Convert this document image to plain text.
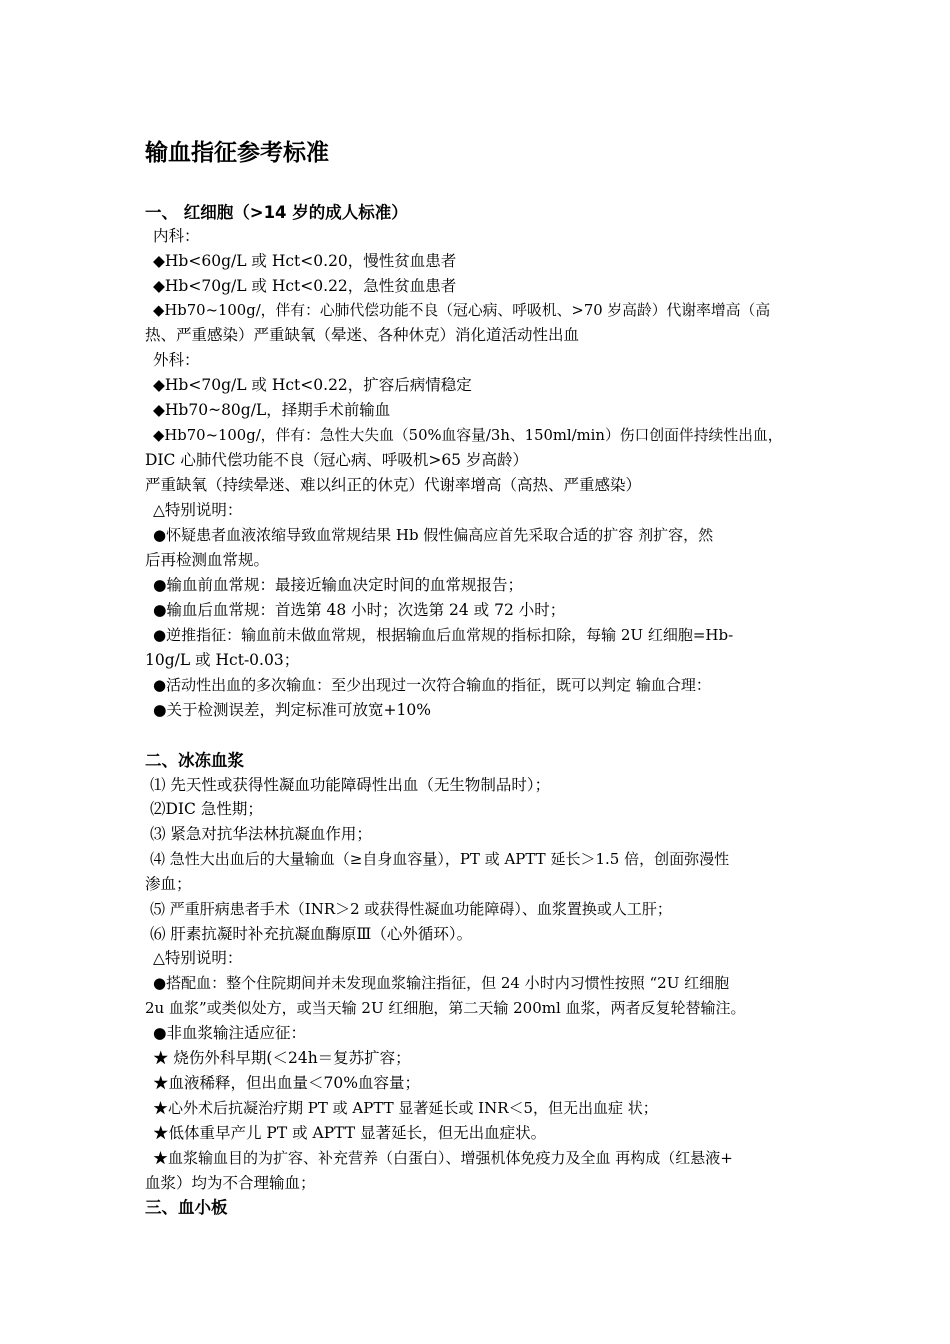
输血指征参考标准
一、 红细胞（>14 岁的成人标准）
内科：
◆Hb<60g/L 或 Hct<0.20，慢性贫血患者
◆Hb<70g/L 或 Hct<0.22，急性贫血患者
◆Hb70~100g/，伴有：心肺代偿功能不良（冠心病、呼吸机、>70 岁高龄）代谢率增高（高
热、严重感染）严重缺氧（晕迷、各种休克）消化道活动性出血
外科：
◆Hb<70g/L 或 Hct<0.22，扩容后病情稳定
◆Hb70~80g/L，择期手术前输血
◆Hb70~100g/，伴有：急性大失血（50%血容量/3h、150ml/min）伤口创面伴持续性出血，
DIC 心肺代偿功能不良（冠心病、呼吸机>65 岁高龄）
严重缺氧（持续晕迷、难以纠正的休克）代谢率增高（高热、严重感染）
△特别说明：
●怀疑患者血液浓缩导致血常规结果 Hb 假性偏高应首先采取合适的扩容 剂扩容，然
后再检测血常规。
●输血前血常规：最接近输血决定时间的血常规报告；
●输血后血常规：首选第 48 小时；次选第 24 或 72 小时；
●逆推指征：输血前未做血常规，根据输血后血常规的指标扣除，每输 2U 红细胞=Hb-
10g/L 或 Hct-0.03；
●活动性出血的多次输血：至少出现过一次符合输血的指征，既可以判定 输血合理：
●关于检测误差，判定标准可放宽+10%
二、冰冻血浆
⑴ 先天性或获得性凝血功能障碍性出血（无生物制品时）；
⑵DIC 急性期；
⑶ 紧急对抗华法林抗凝血作用；
⑷ 急性大出血后的大量输血（≥自身血容量），PT 或 APTT 延长＞1.5 倍，创面弥漫性
渗血；
⑸ 严重肝病患者手术（INR＞2 或获得性凝血功能障碍）、血浆置换或人工肝；
⑹ 肝素抗凝时补充抗凝血酶原Ⅲ（心外循环）。
△特别说明：
●搭配血：整个住院期间并未发现血浆输注指征，但 24 小时内习惯性按照 “2U 红细胞
2u 血浆”或类似处方，或当天输 2U 红细胞，第二天输 200ml 血浆，两者反复轮替输注。
●非血浆输注适应征：
★ 烧伤外科早期(＜24h＝复苏扩容；
★血液稀释，但出血量＜70%血容量；
★心外术后抗凝治疗期 PT 或 APTT 显著延长或 INR＜5，但无出血症 状；
★低体重早产儿 PT 或 APTT 显著延长，但无出血症状。
★血浆输血目的为扩容、补充营养（白蛋白）、增强机体免疫力及全血 再构成（红悬液+
血浆）均为不合理输血；
三、血小板
